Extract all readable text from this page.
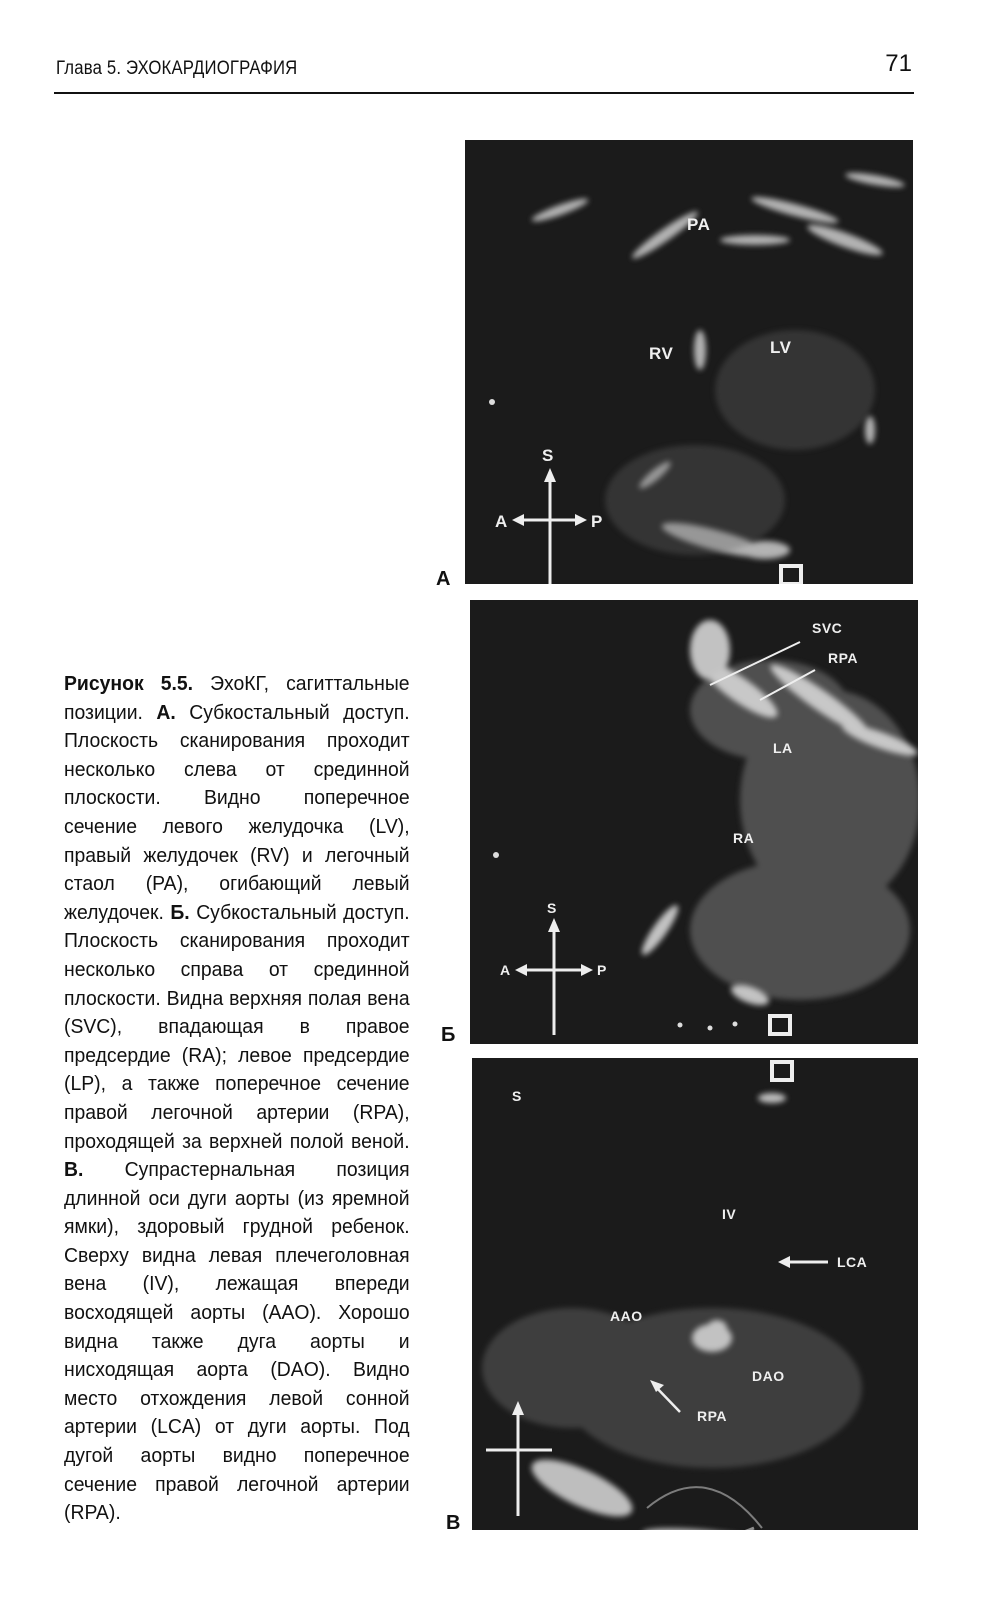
Глава 5. ЭХОКАРДИОГРАФИЯ	71
PA
RV	LV
S
A	P
А
SVC
RPA
LA
RA
S
A	P
Б
IV
LCA
AAO
DAO
RPA
S
В
Рисунок 5.5. ЭхоКГ, сагиттальные позиции. А. Субкостальный доступ. Плоскость сканирования проходит несколько слева от срединной плоскости. Видно поперечное сечение левого желудочка (LV), правый желудочек (RV) и легочный стаол (PA), огибающий левый желудочек. Б. Субкостальный доступ. Плоскость сканирования проходит несколько справа от срединной плоскости. Видна верхняя полая вена (SVC), впадающая в правое предсердие (RA); левое предсердие (LP), а также поперечное сечение правой легочной артерии (RPA), проходящей за верхней полой веной. В. Супрастернальная позиция длинной оси дуги аорты (из яремной ямки), здоровый грудной ребенок. Сверху видна левая плечеголовная вена (IV), лежащая впереди восходящей аорты (AAO). Хорошо видна также дуга аорты и нисходящая аорта (DAO). Видно место отхождения левой сонной артерии (LCA) от дуги аорты. Под дугой аорты видно поперечное сечение правой легочной артерии (RPA).
